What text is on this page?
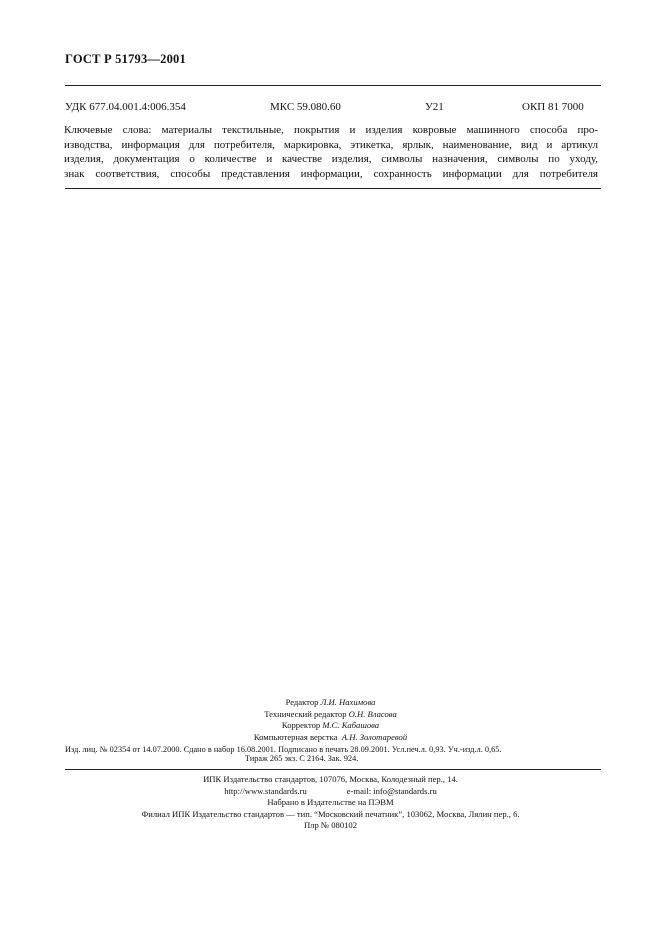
ГОСТ Р 51793—2001
УДК 677.04.001.4:006.354	МКС 59.080.60	У21	ОКП 81 7000
Ключевые слова: материалы текстильные, покрытия и изделия ковровые машинного способа про-
изводства, информация для потребителя, маркировка, этикетка, ярлык, наименование, вид и артикул
изделия, документация о количестве и качестве изделия, символы назначения, символы по уходу,
знак соответствия, способы представления информации, сохранность информации для потребителя
Редактор Л.И. Нахимова
Технический редактор О.Н. Власова
Корректор М.С. Кабашова
Компьютерная верстка А.Н. Золотаревой
Изд. лиц. № 02354 от 14.07.2000. Сдано в набор 16.08.2001. Подписано в печать 28.09.2001. Усл.печ.л. 0,93. Уч.-изд.л. 0,65.
Тираж 265 экз. С 2164. Зак. 924.
ИПК Издательство стандартов, 107076, Москва, Колодезный пер., 14.
http://www.standards.ru	e-mail: info@standards.ru
Набрано в Издательстве на ПЭВМ
Филиал ИПК Издательство стандартов — тип. “Московский печатник”, 103062, Москва, Лялин пер., 6.
Плр № 080102
